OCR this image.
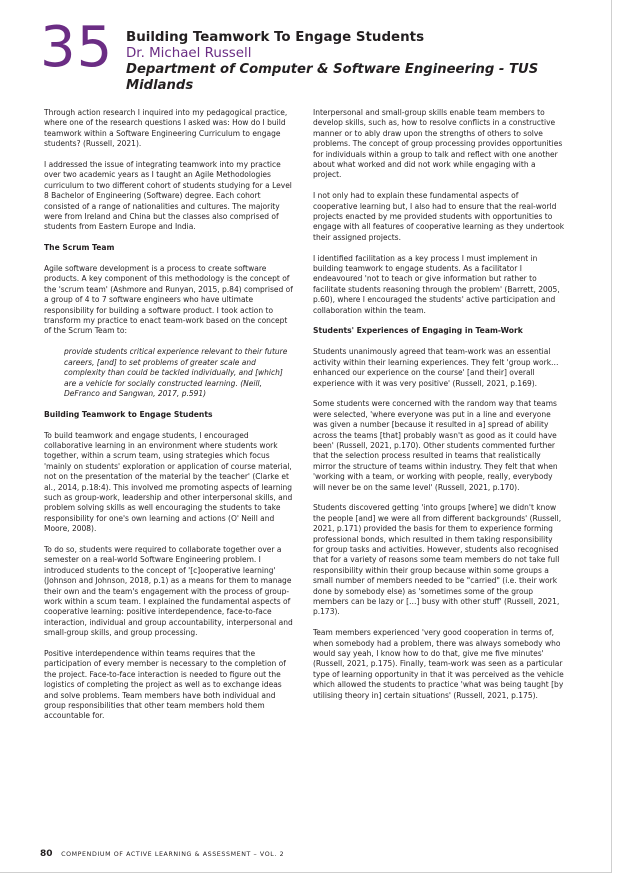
35 Building Teamwork To Engage Students

Dr. Michael Russell

Department of Computer & Software Engineering - TUS Midlands

Through action research I inquired into my pedagogical practice, where one of the research questions I asked was: How do I build teamwork within a Software Engineering Curriculum to engage students? (Russell, 2021).

I addressed the issue of integrating teamwork into my practice over two academic years as I taught an Agile Methodologies curriculum to two different cohort of students studying for a Level 8 Bachelor of Engineering (Software) degree. Each cohort consisted of a range of nationalities and cultures. The majority were from Ireland and China but the classes also comprised of students from Eastern Europe and India.

The Scrum Team

Agile software development is a process to create software products. A key component of this methodology is the concept of the 'scrum team' (Ashmore and Runyan, 2015, p.84) comprised of a group of 4 to 7 software engineers who have ultimate responsibility for building a software product. I took action to transform my practice to enact team-work based on the concept of the Scrum Team to:

provide students critical experience relevant to their future careers, [and] to set problems of greater scale and complexity than could be tackled individually, and [which] are a vehicle for socially constructed learning. (Neill, DeFranco and Sangwan, 2017, p.591)

Building Teamwork to Engage Students

To build teamwork and engage students, I encouraged collaborative learning in an environment where students work together, within a scrum team, using strategies which focus 'mainly on students' exploration or application of course material, not on the presentation of the material by the teacher' (Clarke et al., 2014, p.18:4). This involved me promoting aspects of learning such as group-work, leadership and other interpersonal skills, and problem solving skills as well encouraging the students to take responsibility for one's own learning and actions (O' Neill and Moore, 2008).

To do so, students were required to collaborate together over a semester on a real-world Software Engineering problem. I introduced students to the concept of '[c]ooperative learning' (Johnson and Johnson, 2018, p.1) as a means for them to manage their own and the team's engagement with the process of group-work within a scum team. I explained the fundamental aspects of cooperative learning: positive interdependence, face-to-face interaction, individual and group accountability, interpersonal and small-group skills, and group processing.

Positive interdependence within teams requires that the participation of every member is necessary to the completion of the project. Face-to-face interaction is needed to figure out the logistics of completing the project as well as to exchange ideas and solve problems. Team members have both individual and group responsibilities that other team members hold them accountable for.

Interpersonal and small-group skills enable team members to develop skills, such as, how to resolve conflicts in a constructive manner or to ably draw upon the strengths of others to solve problems. The concept of group processing provides opportunities for individuals within a group to talk and reflect with one another about what worked and did not work while engaging with a project.

I not only had to explain these fundamental aspects of cooperative learning but, I also had to ensure that the real-world projects enacted by me provided students with opportunities to engage with all features of cooperative learning as they undertook their assigned projects.

I identified facilitation as a key process I must implement in building teamwork to engage students. As a facilitator I endeavoured 'not to teach or give information but rather to facilitate students reasoning through the problem' (Barrett, 2005, p.60), where I encouraged the students' active participation and collaboration within the team.

Students' Experiences of Engaging in Team-Work

Students unanimously agreed that team-work was an essential activity within their learning experiences. They felt 'group work… enhanced our experience on the course' [and their] overall experience with it was very positive' (Russell, 2021, p.169).

Some students were concerned with the random way that teams were selected, 'where everyone was put in a line and everyone was given a number [because it resulted in a] spread of ability across the teams [that] probably wasn't as good as it could have been' (Russell, 2021, p.170). Other students commented further that the selection process resulted in teams that realistically mirror the structure of teams within industry. They felt that when 'working with a team, or working with people, really, everybody will never be on the same level' (Russell, 2021, p.170).

Students discovered getting 'into groups [where] we didn't know the people [and] we were all from different backgrounds' (Russell, 2021, p.171) provided the basis for them to experience forming professional bonds, which resulted in them taking responsibility for group tasks and activities. However, students also recognised that for a variety of reasons some team members do not take full responsibility within their group because within some groups a small number of members needed to be "carried" (i.e. their work done by somebody else) as 'sometimes some of the group members can be lazy or […] busy with other stuff' (Russell, 2021, p.173).

Team members experienced 'very good cooperation in terms of, when somebody had a problem, there was always somebody who would say yeah, I know how to do that, give me five minutes' (Russell, 2021, p.175). Finally, team-work was seen as a particular type of learning opportunity in that it was perceived as the vehicle which allowed the students to practice 'what was being taught [by utilising theory in] certain situations' (Russell, 2021, p.175).

80 COMPENDIUM OF ACTIVE LEARNING & ASSESSMENT – VOL. 2
